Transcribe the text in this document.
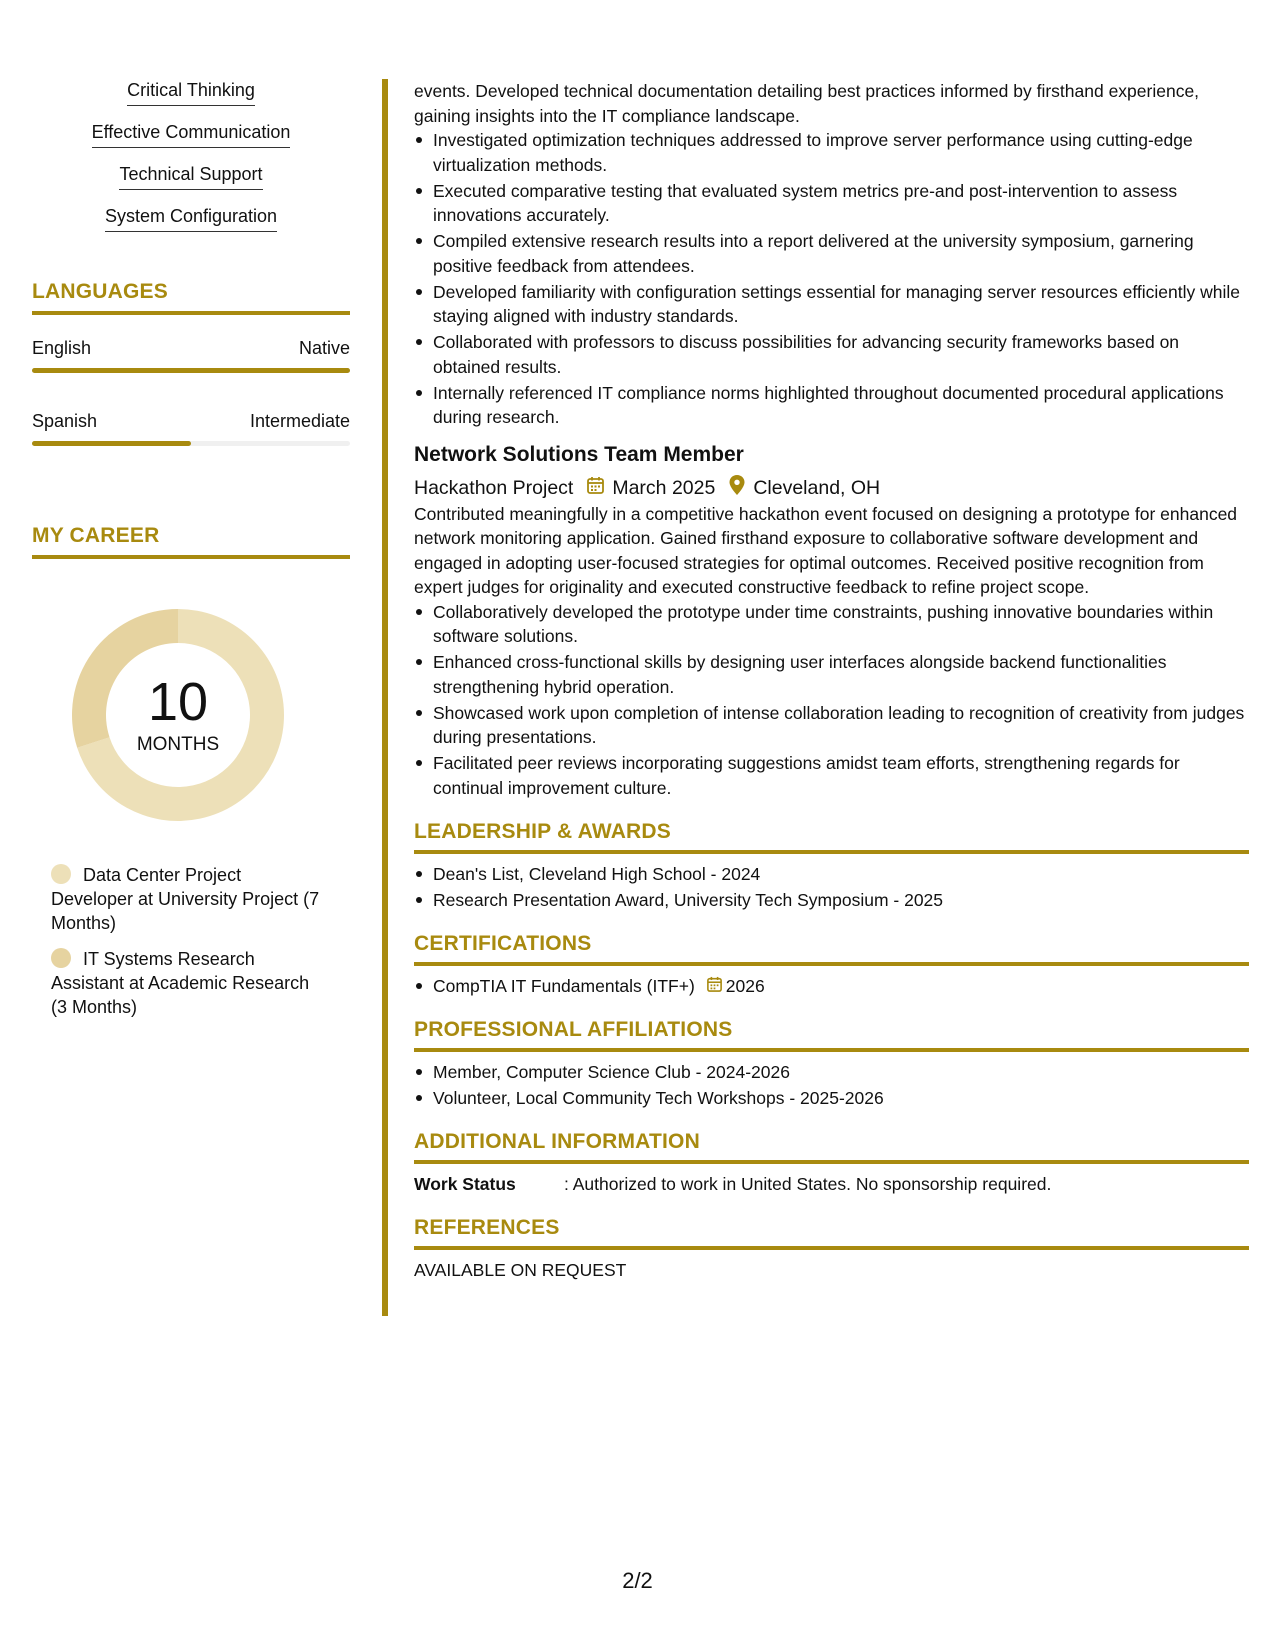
Critical Thinking
Effective Communication
Technical Support
System Configuration
LANGUAGES
English	Native
Spanish	Intermediate
MY CAREER
10
MONTHS
Data Center Project Developer at University Project (7 Months)
IT Systems Research Assistant at Academic Research (3 Months)

events. Developed technical documentation detailing best practices informed by firsthand experience, gaining insights into the IT compliance landscape.

Investigated optimization techniques addressed to improve server performance using cutting-edge virtualization methods.
Executed comparative testing that evaluated system metrics pre-and post-intervention to assess innovations accurately.
Compiled extensive research results into a report delivered at the university symposium, garnering positive feedback from attendees.
Developed familiarity with configuration settings essential for managing server resources efficiently while staying aligned with industry standards.
Collaborated with professors to discuss possibilities for advancing security frameworks based on obtained results.
Internally referenced IT compliance norms highlighted throughout documented procedural applications during research.
Network Solutions Team Member
Hackathon Project March 2025 Cleveland, OH

Contributed meaningfully in a competitive hackathon event focused on designing a prototype for enhanced network monitoring application. Gained firsthand exposure to collaborative software development and engaged in adopting user-focused strategies for optimal outcomes. Received positive recognition from expert judges for originality and executed constructive feedback to refine project scope.

Collaboratively developed the prototype under time constraints, pushing innovative boundaries within software solutions.
Enhanced cross-functional skills by designing user interfaces alongside backend functionalities strengthening hybrid operation.
Showcased work upon completion of intense collaboration leading to recognition of creativity from judges during presentations.
Facilitated peer reviews incorporating suggestions amidst team efforts, strengthening regards for continual improvement culture.
LEADERSHIP & AWARDS
Dean's List, Cleveland High School - 2024
Research Presentation Award, University Tech Symposium - 2025
CERTIFICATIONS
CompTIA IT Fundamentals (ITF+) 2026
PROFESSIONAL AFFILIATIONS
Member, Computer Science Club - 2024-2026
Volunteer, Local Community Tech Workshops - 2025-2026
ADDITIONAL INFORMATION
Work Status	: Authorized to work in United States. No sponsorship required.
REFERENCES
AVAILABLE ON REQUEST
2/2
